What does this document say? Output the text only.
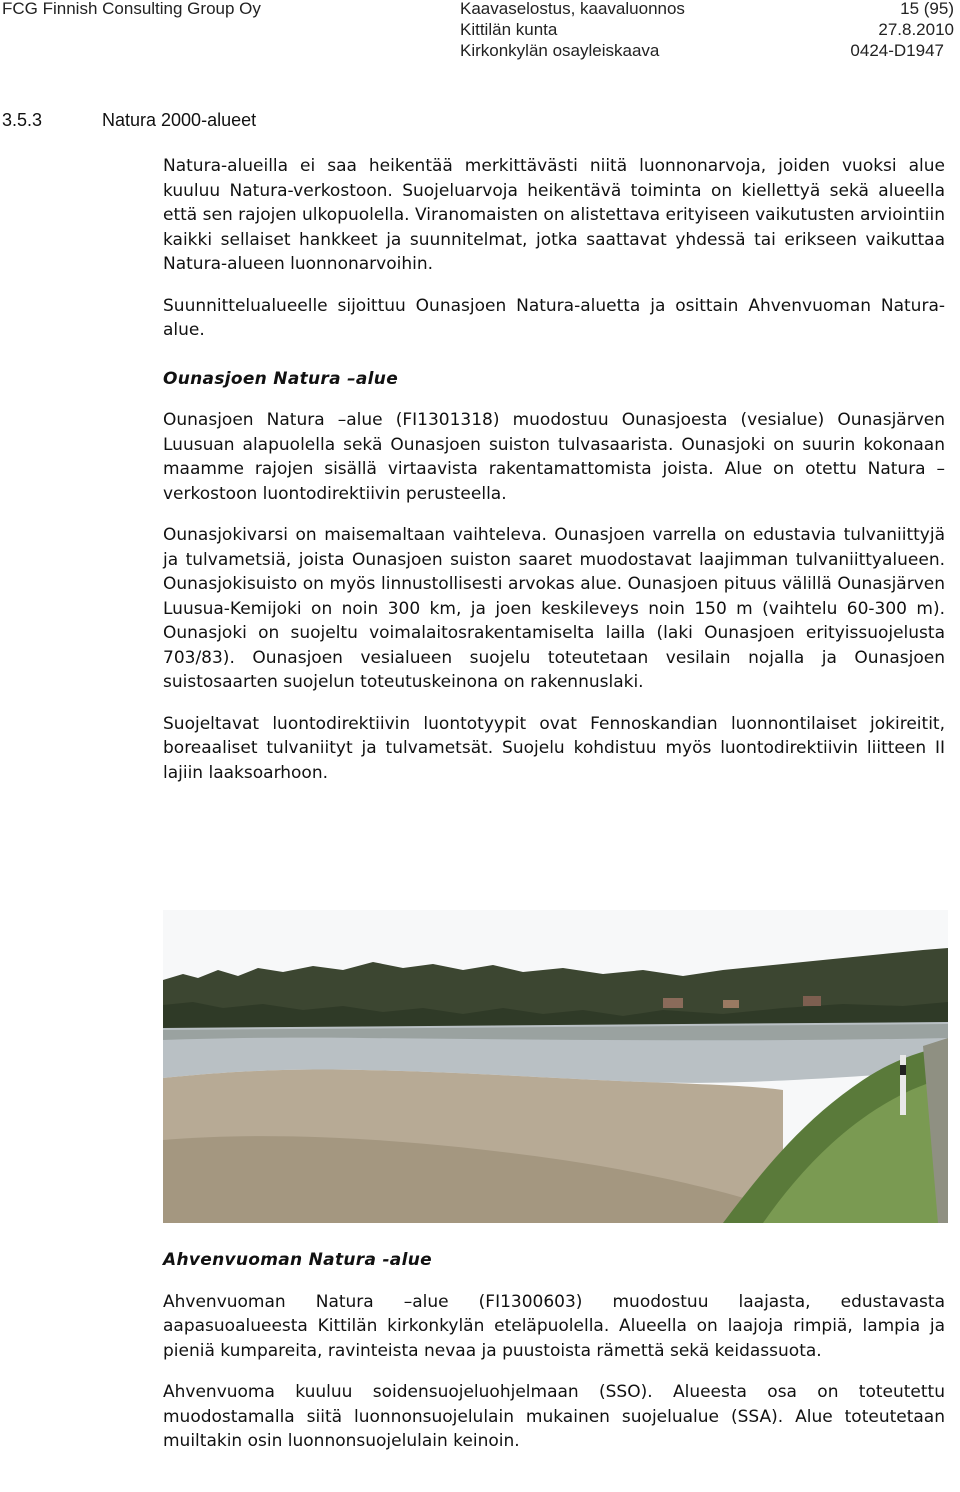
FCG Finnish Consulting Group Oy	Kaavaselostus, kaavaluonnos
Kittilän kunta
Kirkonkylän osayleiskaava
15 (95)
27.8.2010
0424-D1947
3.5.3	Natura 2000-alueet

Natura-alueilla ei saa heikentää merkittävästi niitä luonnonarvoja, joiden vuoksi alue kuuluu Natura-verkostoon. Suojeluarvoja heikentävä toiminta on kiellettyä sekä alueella että sen rajojen ulkopuolella. Viranomaisten on alistettava erityiseen vaikutusten arviointiin kaikki sellaiset hankkeet ja suunnitelmat, jotka saattavat yhdessä tai erikseen vaikuttaa Natura-alueen luonnonarvoihin.

Suunnittelualueelle sijoittuu Ounasjoen Natura-aluetta ja osittain Ahvenvuoman Natura-alue.

Ounasjoen Natura –alue

Ounasjoen Natura –alue (FI1301318) muodostuu Ounasjoesta (vesialue) Ounasjärven Luusuan alapuolella sekä Ounasjoen suiston tulvasaarista. Ounasjoki on suurin kokonaan maamme rajojen sisällä virtaavista rakentamattomista joista. Alue on otettu Natura –verkostoon luontodirektiivin perusteella.

Ounasjokivarsi on maisemaltaan vaihteleva. Ounasjoen varrella on edustavia tulvaniittyjä ja tulvametsiä, joista Ounasjoen suiston saaret muodostavat laajimman tulvaniittyalueen. Ounasjokisuisto on myös linnustollisesti arvokas alue. Ounasjoen pituus välillä Ounasjärven Luusua-Kemijoki on noin 300 km, ja joen keskileveys noin 150 m (vaihtelu 60-300 m). Ounasjoki on suojeltu voimalaitosrakentamiselta lailla (laki Ounasjoen erityissuojelusta 703/83). Ounasjoen vesialueen suojelu toteutetaan vesilain nojalla ja Ounasjoen suistosaarten suojelun toteutuskeinona on rakennuslaki.

Suojeltavat luontodirektiivin luontotyypit ovat Fennoskandian luonnontilaiset jokireitit, boreaaliset tulvaniityt ja tulvametsät. Suojelu kohdistuu myös luontodirektiivin liitteen II lajiin laaksoarhoon.

Ahvenvuoman Natura -alue

Ahvenvuoman Natura –alue (FI1300603) muodostuu laajasta, edustavasta aapasuoalueesta Kittilän kirkonkylän eteläpuolella. Alueella on laajoja rimpiä, lampia ja pieniä kumpareita, ravinteista nevaa ja puustoista rämettä sekä keidassuota.

Ahvenvuoma kuuluu soidensuojeluohjelmaan (SSO). Alueesta osa on toteutettu muodostamalla siitä luonnonsuojelulain mukainen suojelualue (SSA). Alue toteutetaan muiltakin osin luonnonsuojelulain keinoin.
